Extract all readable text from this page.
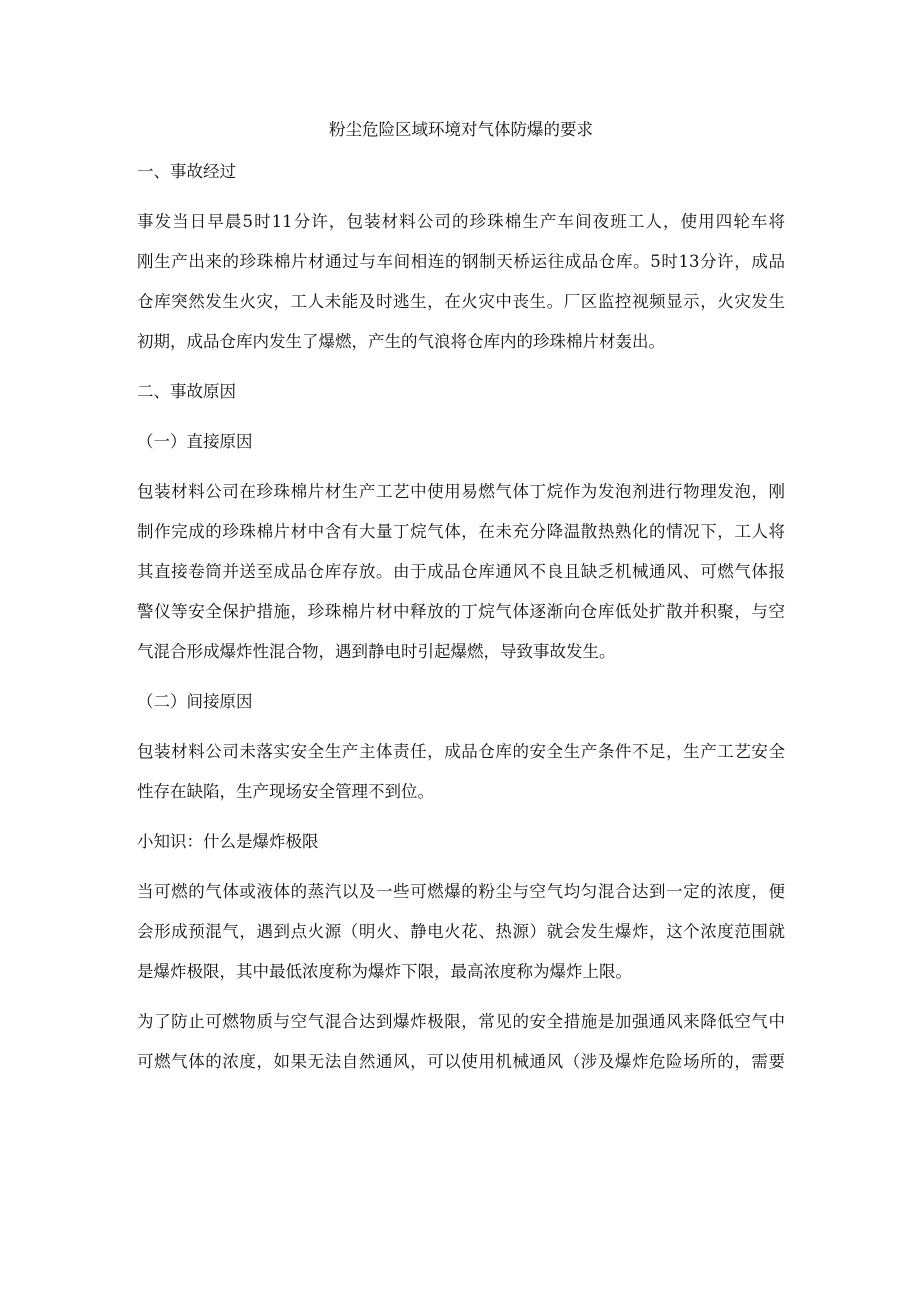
粉尘危险区域环境对气体防爆的要求
一、事故经过
事发当日早晨5时11分许，包装材料公司的珍珠棉生产车间夜班工人，使用四轮车将
刚生产出来的珍珠棉片材通过与车间相连的钢制天桥运往成品仓库。5时13分许，成品
仓库突然发生火灾，工人未能及时逃生，在火灾中丧生。厂区监控视频显示，火灾发生
初期，成品仓库内发生了爆燃，产生的气浪将仓库内的珍珠棉片材轰出。
二、事故原因
（一）直接原因
包装材料公司在珍珠棉片材生产工艺中使用易燃气体丁烷作为发泡剂进行物理发泡，刚
制作完成的珍珠棉片材中含有大量丁烷气体，在未充分降温散热熟化的情况下，工人将
其直接卷筒并送至成品仓库存放。由于成品仓库通风不良且缺乏机械通风、可燃气体报
警仪等安全保护措施，珍珠棉片材中释放的丁烷气体逐渐向仓库低处扩散并积聚，与空
气混合形成爆炸性混合物，遇到静电时引起爆燃，导致事故发生。
（二）间接原因
包装材料公司未落实安全生产主体责任，成品仓库的安全生产条件不足，生产工艺安全
性存在缺陷，生产现场安全管理不到位。
小知识：什么是爆炸极限
当可燃的气体或液体的蒸汽以及一些可燃爆的粉尘与空气均匀混合达到一定的浓度，便
会形成预混气，遇到点火源（明火、静电火花、热源）就会发生爆炸，这个浓度范围就
是爆炸极限，其中最低浓度称为爆炸下限，最高浓度称为爆炸上限。
为了防止可燃物质与空气混合达到爆炸极限，常见的安全措施是加强通风来降低空气中
可燃气体的浓度，如果无法自然通风，可以使用机械通风（涉及爆炸危险场所的，需要
